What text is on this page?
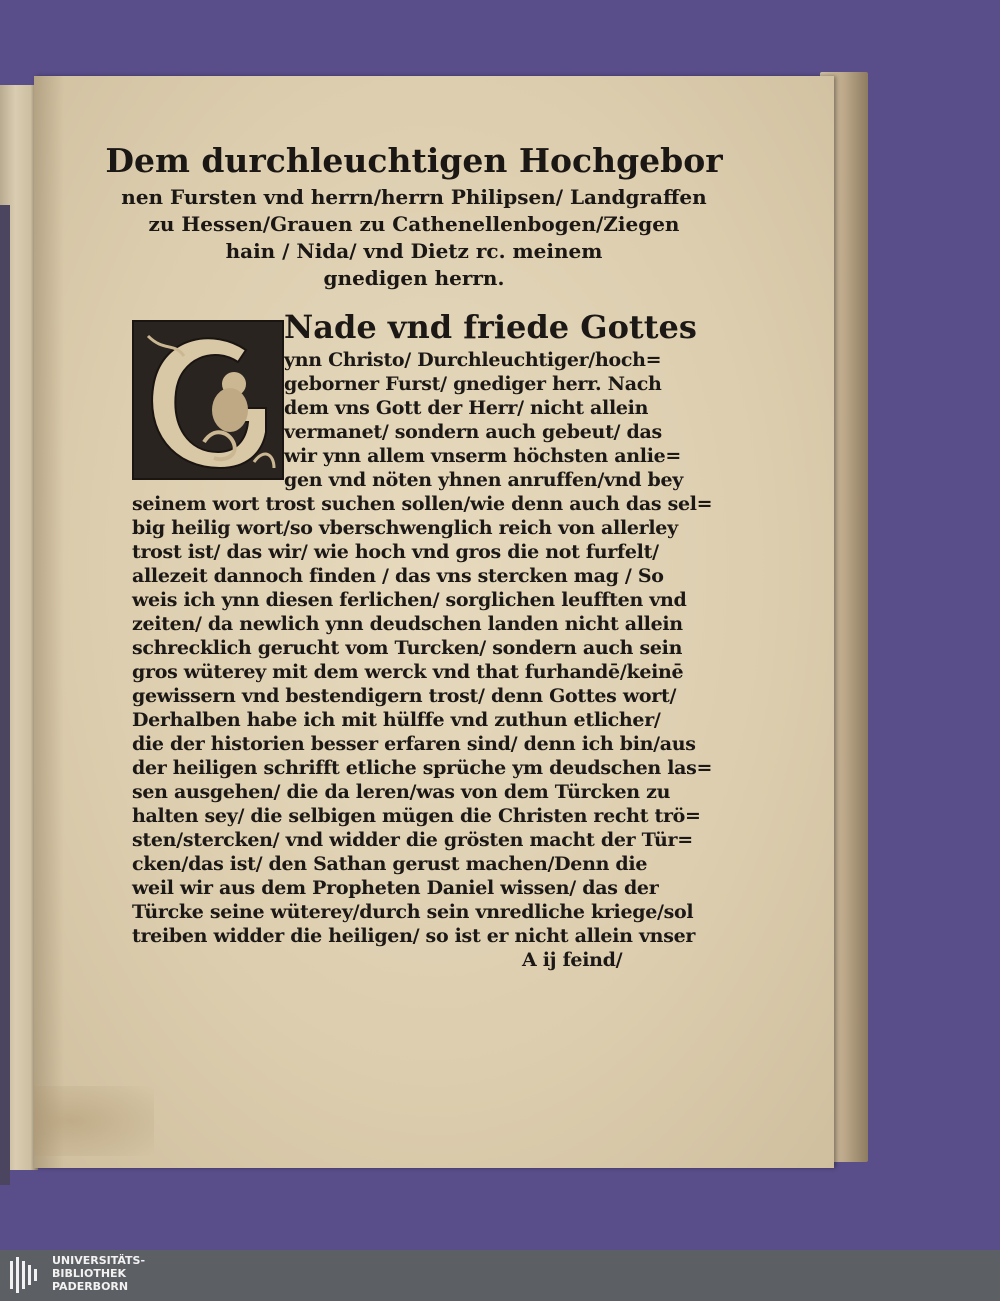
Dem durchleuchtigen Hochgebor
nen Fursten vnd herrn/herrn Philipsen/ Landgraffen
zu Hessen/Grauen zu Cathenellenbogen/Ziegen
hain / Nida/ vnd Dietz rc. meinem
gnedigen herrn.
Nade vnd friede Gottes
ynn Christo/ Durchleuchtiger/hoch=
geborner Furst/ gnediger herr. Nach
dem vns Gott der Herr/ nicht allein
vermanet/ sondern auch gebeut/ das
wir ynn allem vnserm höchsten anlie=
gen vnd nöten yhnen anruffen/vnd bey
seinem wort trost suchen sollen/wie denn auch das sel=
big heilig wort/so vberschwenglich reich von allerley
trost ist/ das wir/ wie hoch vnd gros die not furfelt/
allezeit dannoch finden / das vns stercken mag / So
weis ich ynn diesen ferlichen/ sorglichen leufften vnd
zeiten/ da newlich ynn deudschen landen nicht allein
schrecklich gerucht vom Turcken/ sondern auch sein
gros wüterey mit dem werck vnd that furhandē/keinē
gewissern vnd bestendigern trost/ denn Gottes wort/
Derhalben habe ich mit hülffe vnd zuthun etlicher/
die der historien besser erfaren sind/ denn ich bin/aus
der heiligen schrifft etliche sprüche ym deudschen las=
sen ausgehen/ die da leren/was von dem Türcken zu
halten sey/ die selbigen mügen die Christen recht trö=
sten/stercken/ vnd widder die grösten macht der Tür=
cken/das ist/ den Sathan gerust machen/Denn die
weil wir aus dem Propheten Daniel wissen/ das der
Türcke seine wüterey/durch sein vnredliche kriege/sol
treiben widder die heiligen/ so ist er nicht allein vnser
A ij feind/
UNIVERSITÄTS-
BIBLIOTHEK
PADERBORN
